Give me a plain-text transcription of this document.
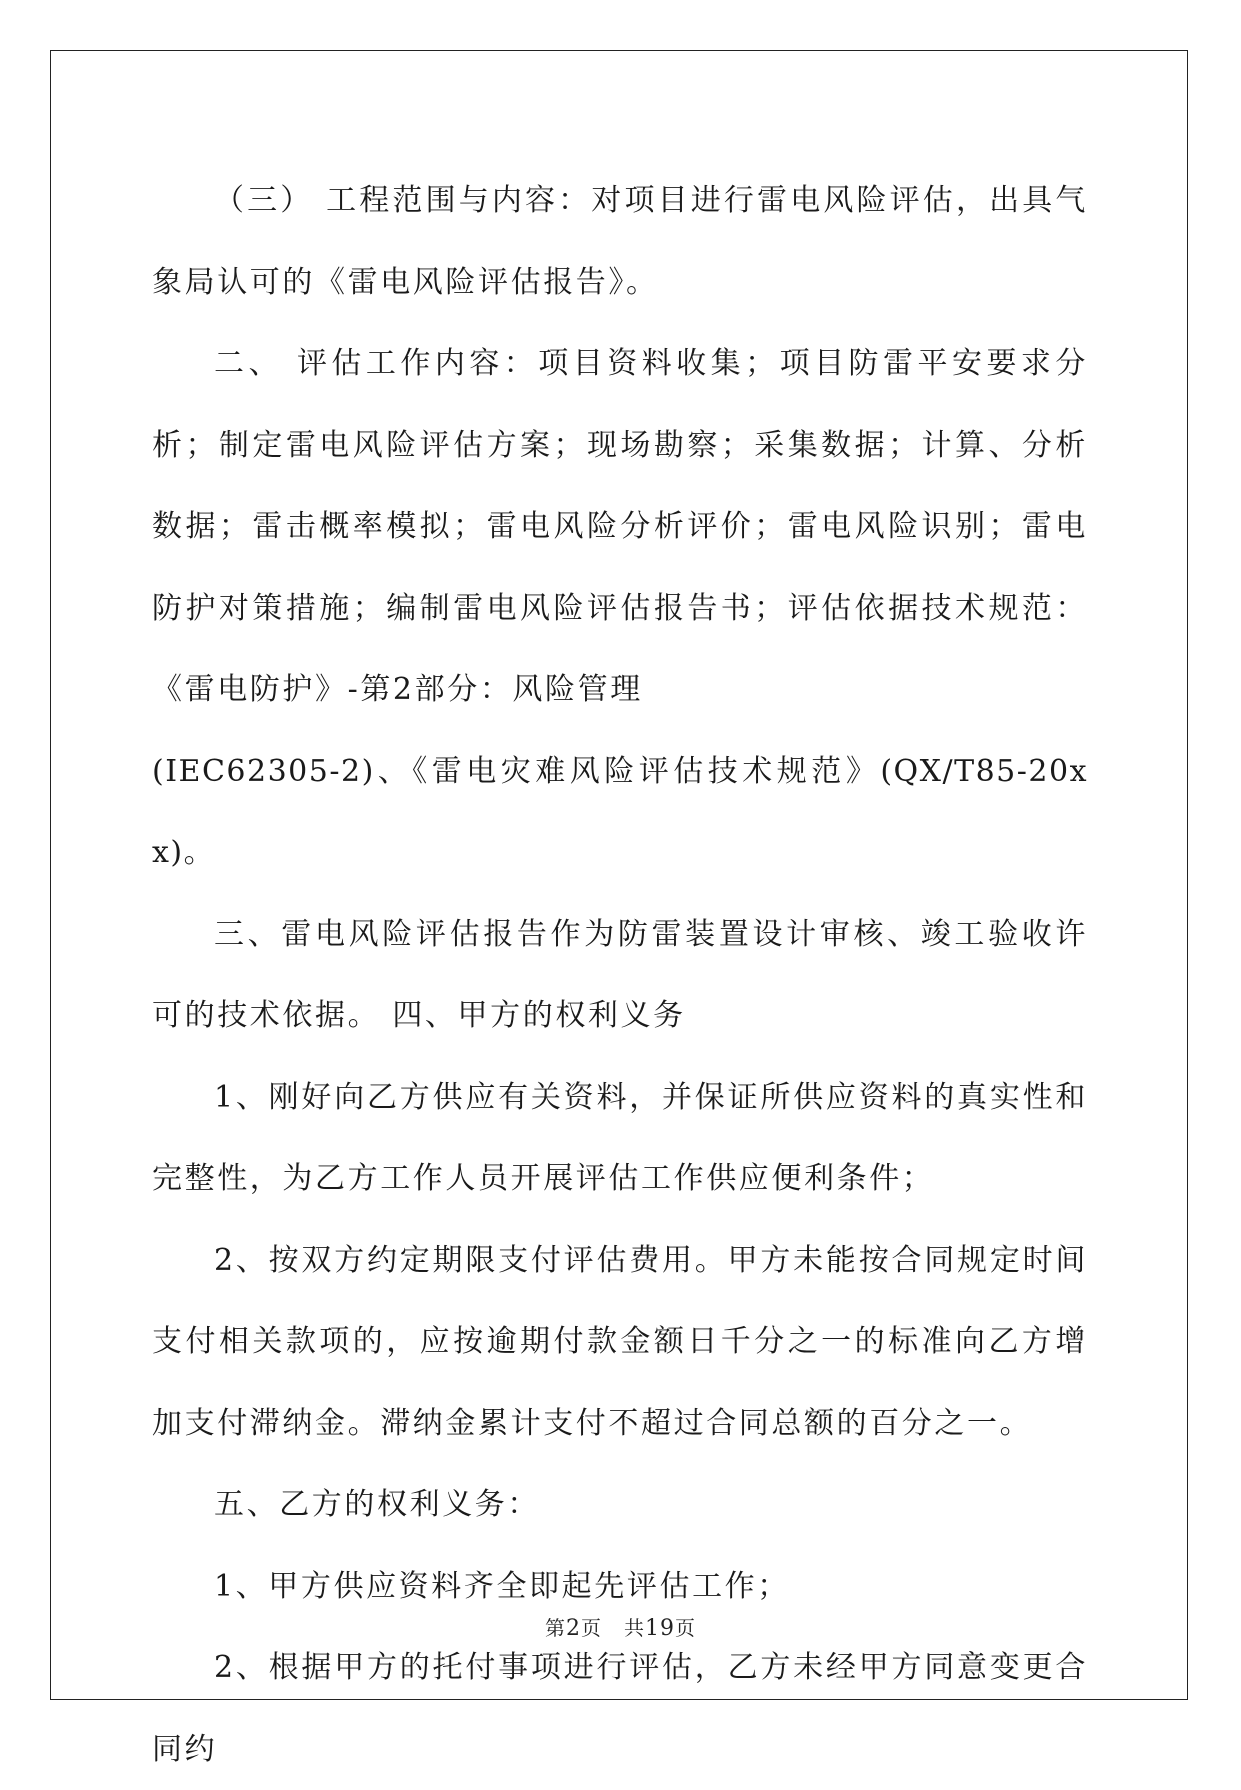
（三） 工程范围与内容：对项目进行雷电风险评估，出具气象局认可的《雷电风险评估报告》。

二、 评估工作内容：项目资料收集；项目防雷平安要求分析；制定雷电风险评估方案；现场勘察；采集数据；计算、分析数据；雷击概率模拟；雷电风险分析评价；雷电风险识别；雷电防护对策措施；编制雷电风险评估报告书；评估依据技术规范：《雷电防护》-第2部分：风险管理

(IEC62305-2)、《雷电灾难风险评估技术规范》(QX/T85-20xx)。

三、雷电风险评估报告作为防雷装置设计审核、竣工验收许可的技术依据。 四、甲方的权利义务

1、刚好向乙方供应有关资料，并保证所供应资料的真实性和完整性，为乙方工作人员开展评估工作供应便利条件；

2、按双方约定期限支付评估费用。甲方未能按合同规定时间支付相关款项的，应按逾期付款金额日千分之一的标准向乙方增加支付滞纳金。滞纳金累计支付不超过合同总额的百分之一。

五、乙方的权利义务：

1、甲方供应资料齐全即起先评估工作；

2、根据甲方的托付事项进行评估，乙方未经甲方同意变更合同约

第2页 共19页
